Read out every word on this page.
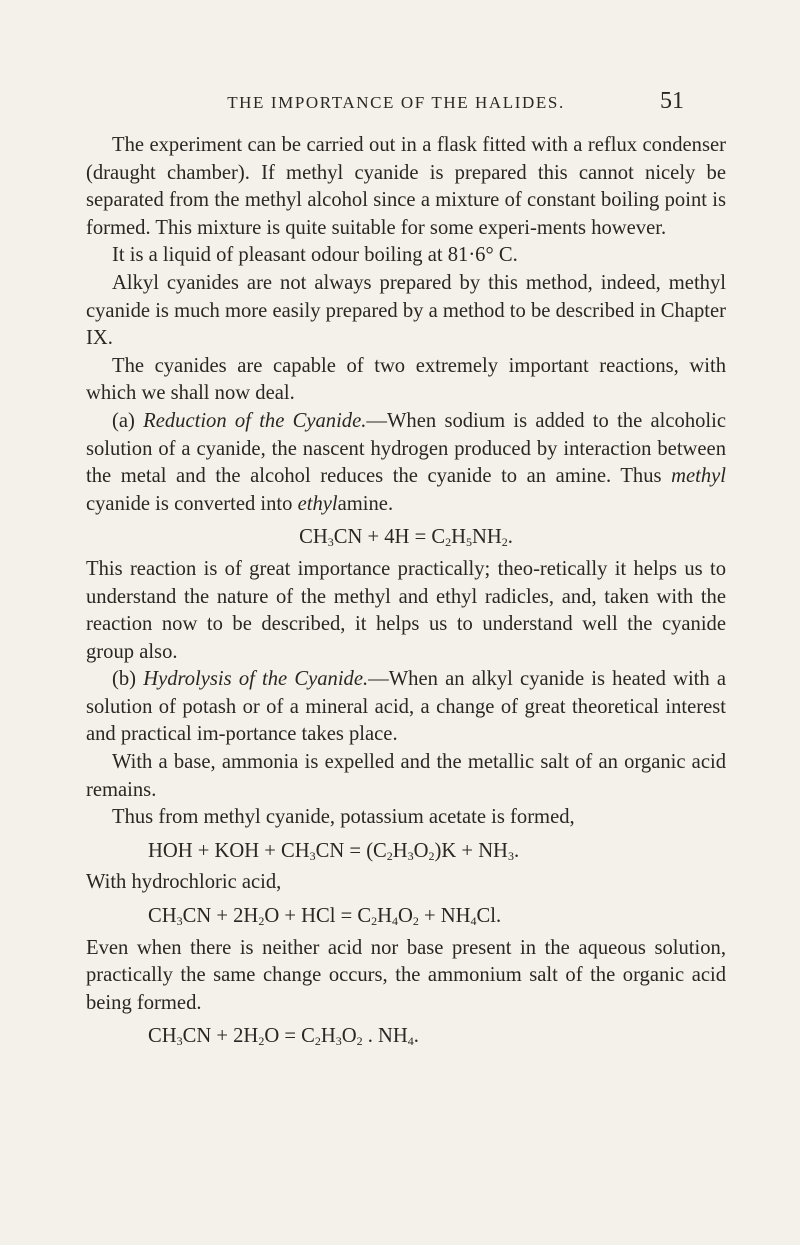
THE IMPORTANCE OF THE HALIDES.	51

The experiment can be carried out in a flask fitted with a reflux condenser (draught chamber). If methyl cyanide is prepared this cannot nicely be separated from the methyl alcohol since a mixture of constant boiling point is formed. This mixture is quite suitable for some experi-ments however.

It is a liquid of pleasant odour boiling at 81·6° C.

Alkyl cyanides are not always prepared by this method, indeed, methyl cyanide is much more easily prepared by a method to be described in Chapter IX.

The cyanides are capable of two extremely important reactions, with which we shall now deal.

(a) Reduction of the Cyanide.—When sodium is added to the alcoholic solution of a cyanide, the nascent hydrogen produced by interaction between the metal and the alcohol reduces the cyanide to an amine. Thus methyl cyanide is converted into ethylamine.

$CH_3CN + 4H = C_2H_5NH_2$.

This reaction is of great importance practically; theo-retically it helps us to understand the nature of the methyl and ethyl radicles, and, taken with the reaction now to be described, it helps us to understand well the cyanide group also.

(b) Hydrolysis of the Cyanide.—When an alkyl cyanide is heated with a solution of potash or of a mineral acid, a change of great theoretical interest and practical im-portance takes place.

With a base, ammonia is expelled and the metallic salt of an organic acid remains.

Thus from methyl cyanide, potassium acetate is formed,

HOH + KOH + $CH_3CN = (C_2H_3O_2)K + NH_3$.

With hydrochloric acid,

$CH_3CN + 2H_2O$ + HCl = $C_2H_4O_2 + NH_4Cl$.

Even when there is neither acid nor base present in the aqueous solution, practically the same change occurs, the ammonium salt of the organic acid being formed.

$CH_3CN + 2H_2O = C_2H_3O_2$ . $NH_4$.
